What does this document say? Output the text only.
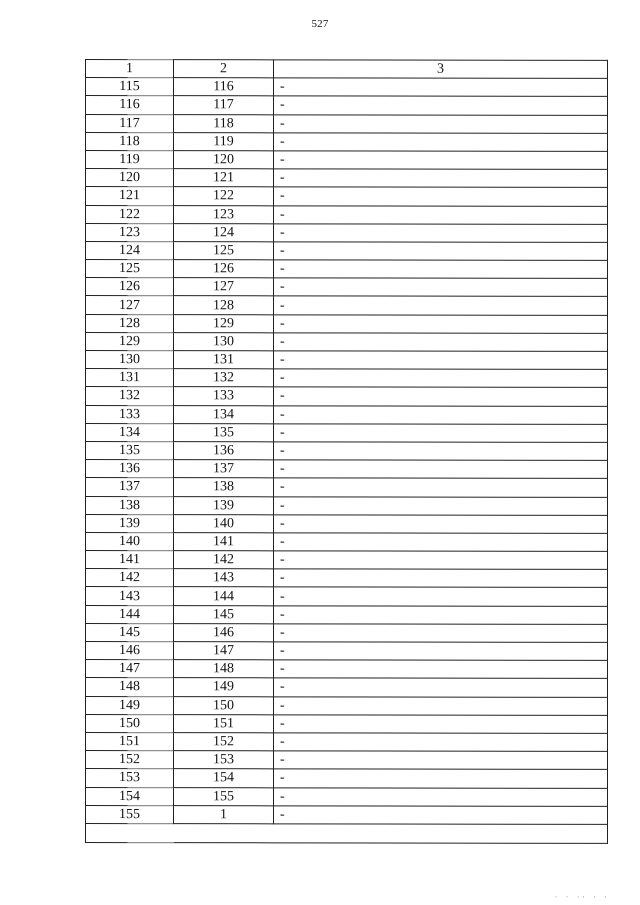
527
1	2	3
115	116	-
116	117	-
117	118	-
118	119	-
119	120	-
120	121	-
121	122	-
122	123	-
123	124	-
124	125	-
125	126	-
126	127	-
127	128	-
128	129	-
129	130	-
130	131	-
131	132	-
132	133	-
133	134	-
134	135	-
135	136	-
136	137	-
137	138	-
138	139	-
139	140	-
140	141	-
141	142	-
142	143	-
143	144	-
144	145	-
145	146	-
146	147	-
147	148	-
148	149	-
149	150	-
150	151	-
151	152	-
152	153	-
153	154	-
154	155	-
155	1	-

' ' '' ' '
